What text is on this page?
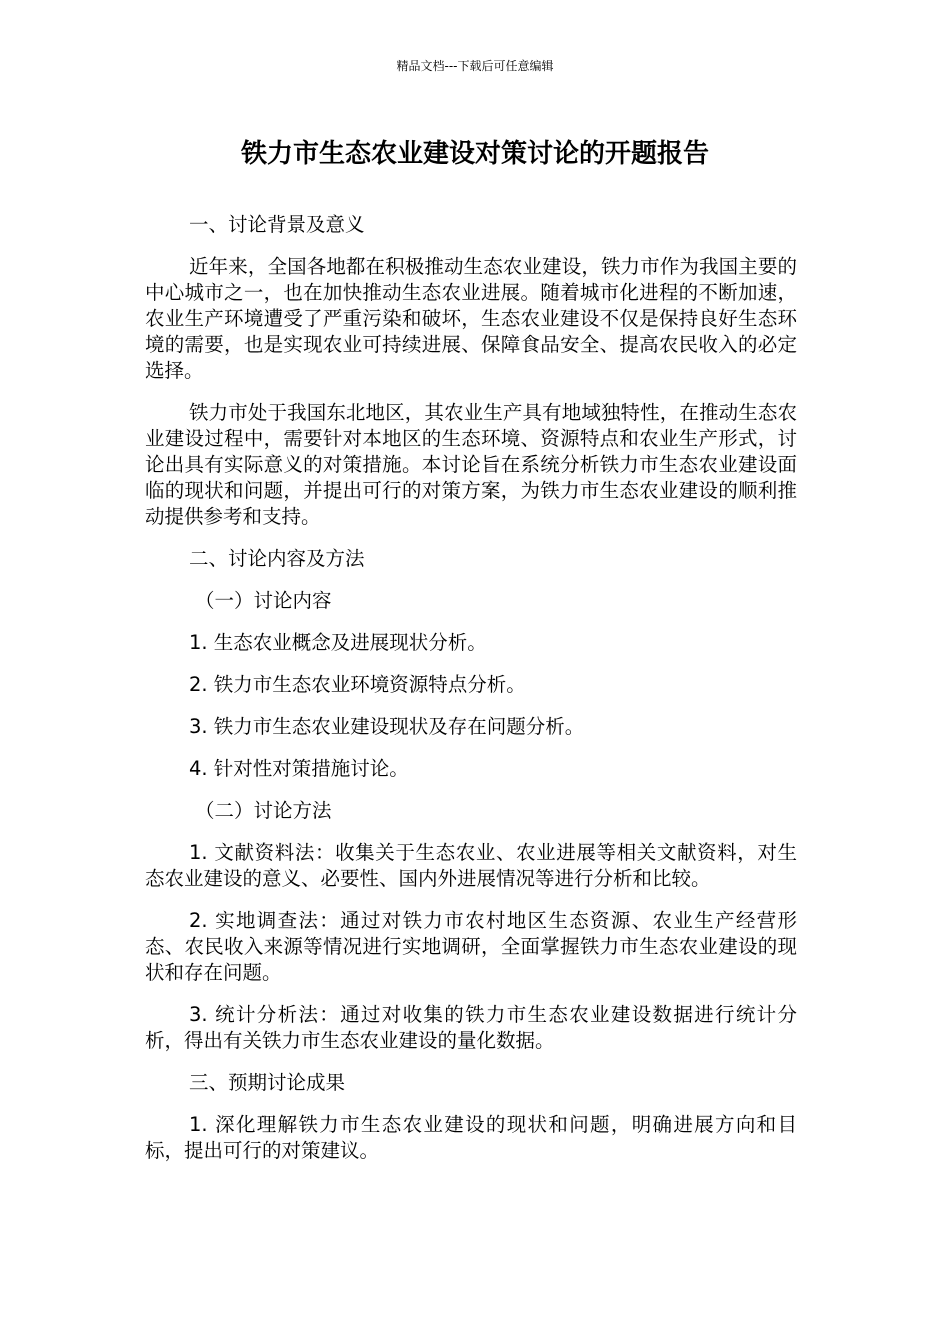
精品文档---下载后可任意编辑
铁力市生态农业建设对策讨论的开题报告

一、讨论背景及意义

近年来，全国各地都在积极推动生态农业建设，铁力市作为我国主要的中心城市之一，也在加快推动生态农业进展。随着城市化进程的不断加速，农业生产环境遭受了严重污染和破坏，生态农业建设不仅是保持良好生态环境的需要，也是实现农业可持续进展、保障食品安全、提高农民收入的必定选择。

铁力市处于我国东北地区，其农业生产具有地域独特性，在推动生态农业建设过程中，需要针对本地区的生态环境、资源特点和农业生产形式，讨论出具有实际意义的对策措施。本讨论旨在系统分析铁力市生态农业建设面临的现状和问题，并提出可行的对策方案，为铁力市生态农业建设的顺利推动提供参考和支持。

二、讨论内容及方法

（一）讨论内容

1. 生态农业概念及进展现状分析。

2. 铁力市生态农业环境资源特点分析。

3. 铁力市生态农业建设现状及存在问题分析。

4. 针对性对策措施讨论。

（二）讨论方法

1. 文献资料法：收集关于生态农业、农业进展等相关文献资料，对生态农业建设的意义、必要性、国内外进展情况等进行分析和比较。

2. 实地调查法：通过对铁力市农村地区生态资源、农业生产经营形态、农民收入来源等情况进行实地调研，全面掌握铁力市生态农业建设的现状和存在问题。

3. 统计分析法：通过对收集的铁力市生态农业建设数据进行统计分析，得出有关铁力市生态农业建设的量化数据。

三、预期讨论成果

1. 深化理解铁力市生态农业建设的现状和问题，明确进展方向和目标，提出可行的对策建议。
